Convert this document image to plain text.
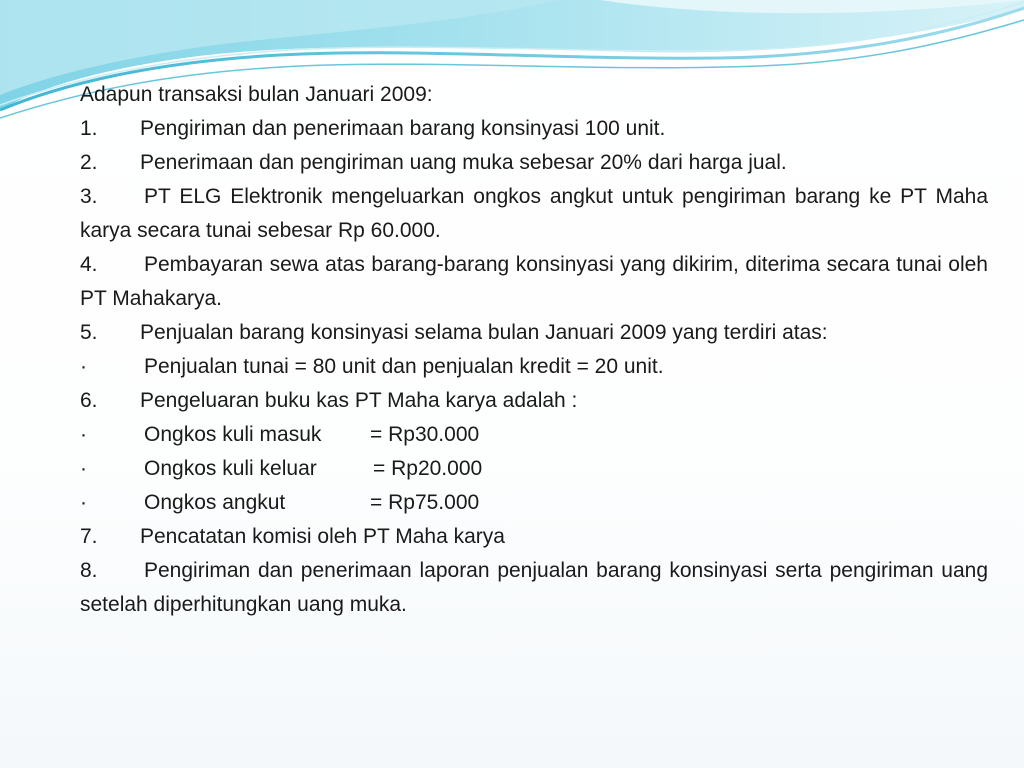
Adapun transaksi bulan Januari 2009:

1. Pengiriman dan penerimaan barang konsinyasi 100 unit.

2. Penerimaan dan pengiriman uang muka sebesar 20% dari harga jual.

3. PT ELG Elektronik mengeluarkan ongkos angkut untuk pengiriman barang ke PT Maha karya secara tunai sebesar Rp 60.000.

4. Pembayaran sewa atas barang-barang konsinyasi yang dikirim, diterima secara tunai oleh PT Mahakarya.

5. Penjualan barang konsinyasi selama bulan Januari 2009 yang terdiri atas:

·	Penjualan tunai = 80 unit dan penjualan kredit = 20 unit.

6. Pengeluaran buku kas PT Maha karya adalah :

·	Ongkos kuli masuk = Rp30.000

·	Ongkos kuli keluar	= Rp20.000

·	Ongkos angkut	= Rp75.000

7. Pencatatan komisi oleh PT Maha karya

8. Pengiriman dan penerimaan laporan penjualan barang konsinyasi serta pengiriman uang setelah diperhitungkan uang muka.
